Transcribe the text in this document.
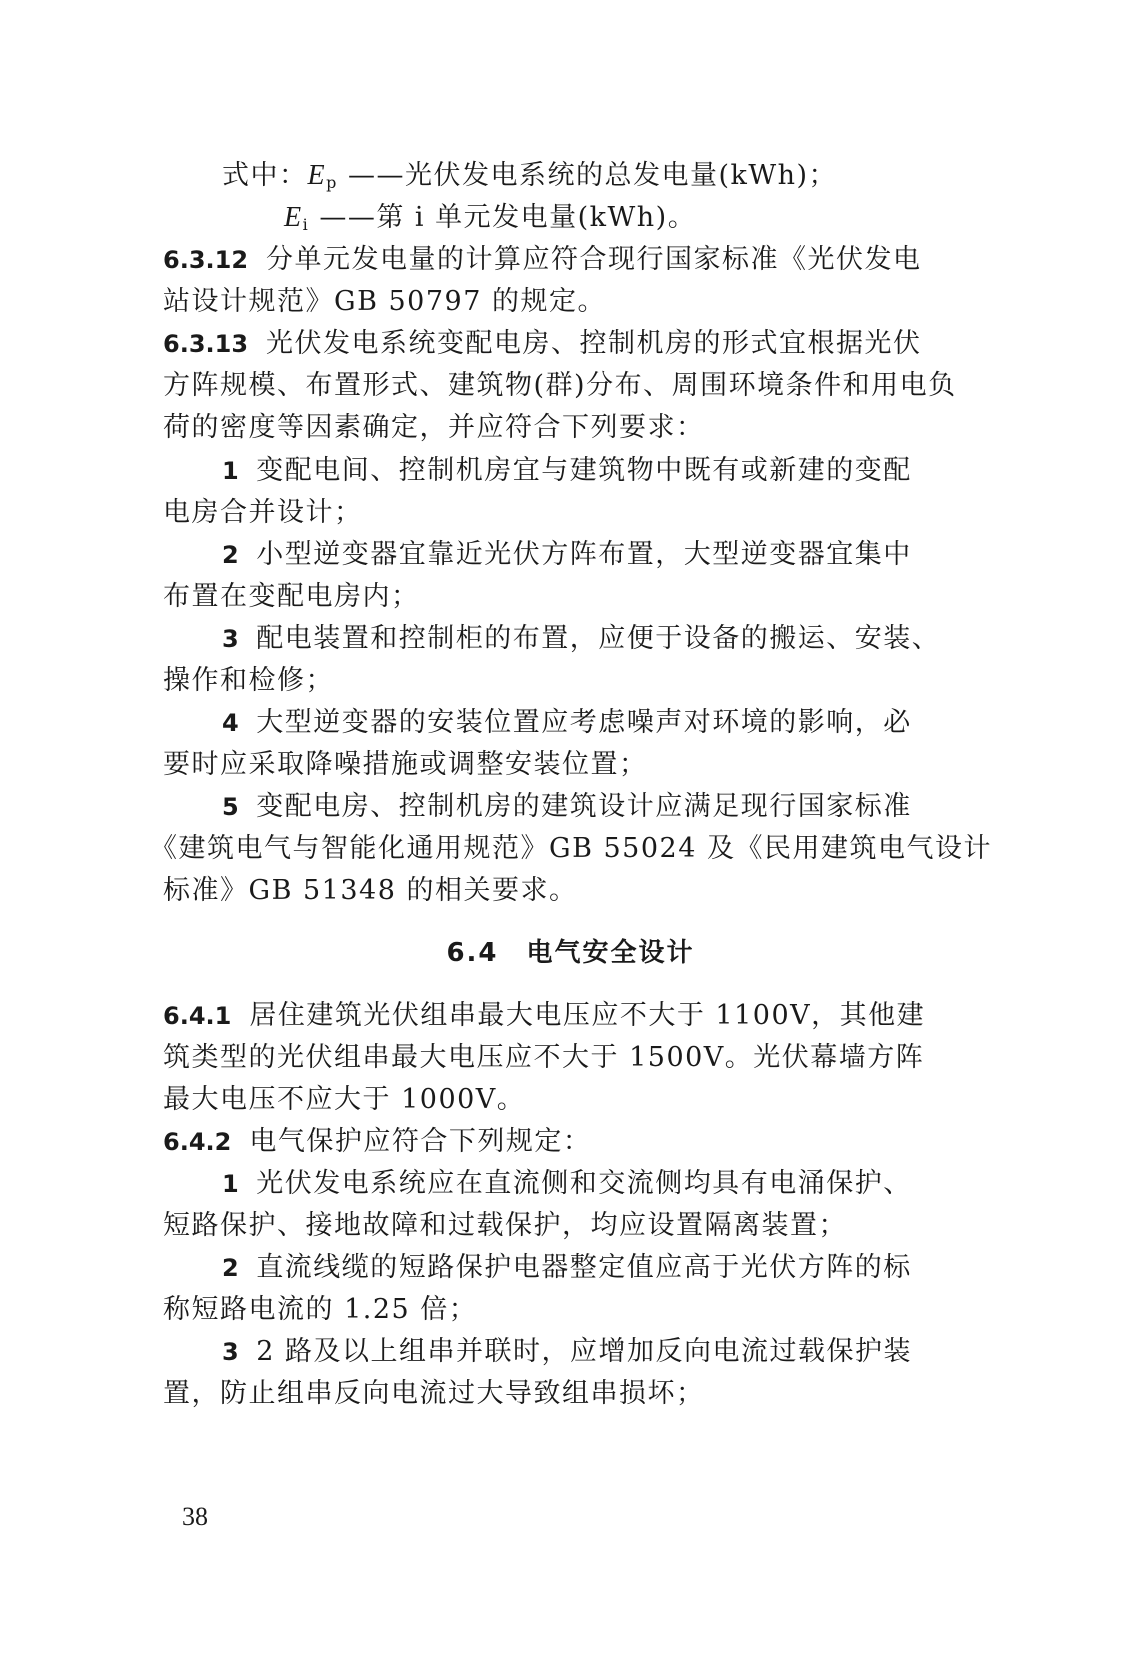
式中：$E_p$ ——光伏发电系统的总发电量(kWh)；
$E_i$ ——第 i 单元发电量(kWh)。
6.3.12 分单元发电量的计算应符合现行国家标准《光伏发电
站设计规范》GB 50797 的规定。
6.3.13 光伏发电系统变配电房、控制机房的形式宜根据光伏
方阵规模、布置形式、建筑物(群)分布、周围环境条件和用电负
荷的密度等因素确定，并应符合下列要求：
1 变配电间、控制机房宜与建筑物中既有或新建的变配
电房合并设计；
2 小型逆变器宜靠近光伏方阵布置，大型逆变器宜集中
布置在变配电房内；
3 配电装置和控制柜的布置，应便于设备的搬运、安装、
操作和检修；
4 大型逆变器的安装位置应考虑噪声对环境的影响，必
要时应采取降噪措施或调整安装位置；
5 变配电房、控制机房的建筑设计应满足现行国家标准
《建筑电气与智能化通用规范》GB 55024 及《民用建筑电气设计
标准》GB 51348 的相关要求。
6.4 电气安全设计
6.4.1 居住建筑光伏组串最大电压应不大于 1100V，其他建
筑类型的光伏组串最大电压应不大于 1500V。光伏幕墙方阵
最大电压不应大于 1000V。
6.4.2 电气保护应符合下列规定：
1 光伏发电系统应在直流侧和交流侧均具有电涌保护、
短路保护、接地故障和过载保护，均应设置隔离装置；
2 直流线缆的短路保护电器整定值应高于光伏方阵的标
称短路电流的 1.25 倍；
3 2 路及以上组串并联时，应增加反向电流过载保护装
置，防止组串反向电流过大导致组串损坏；
38
